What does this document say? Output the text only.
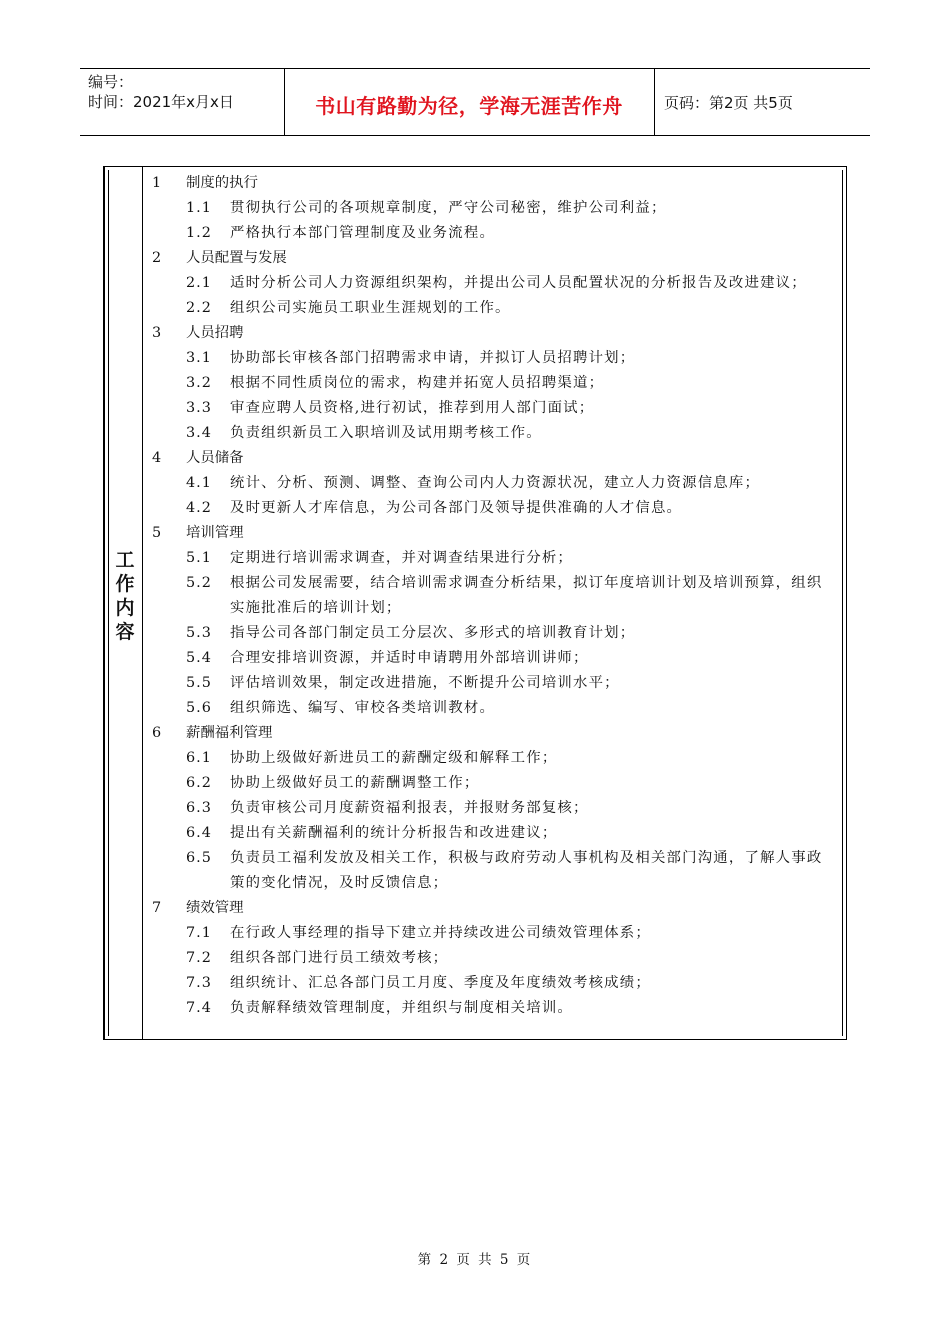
编号：
时间：2021年x月x日	书山有路勤为径，学海无涯苦作舟	页码：第2页 共5页
工
作
内
容
1 制度的执行
1.1	贯彻执行公司的各项规章制度，严守公司秘密，维护公司利益；
1.2	严格执行本部门管理制度及业务流程。
2 人员配置与发展
2.1	适时分析公司人力资源组织架构，并提出公司人员配置状况的分析报告及改进建议；
2.2	组织公司实施员工职业生涯规划的工作。
3 人员招聘
3.1	协助部长审核各部门招聘需求申请，并拟订人员招聘计划；
3.2	根据不同性质岗位的需求，构建并拓宽人员招聘渠道；
3.3	审查应聘人员资格,进行初试，推荐到用人部门面试；
3.4	负责组织新员工入职培训及试用期考核工作。
4 人员储备
4.1	统计、分析、预测、调整、查询公司内人力资源状况，建立人力资源信息库；
4.2	及时更新人才库信息，为公司各部门及领导提供准确的人才信息。
5 培训管理
5.1	定期进行培训需求调查，并对调查结果进行分析；
5.2	根据公司发展需要，结合培训需求调查分析结果，拟订年度培训计划及培训预算，组织实施批准后的培训计划；
5.3	指导公司各部门制定员工分层次、多形式的培训教育计划；
5.4	合理安排培训资源，并适时申请聘用外部培训讲师；
5.5	评估培训效果，制定改进措施，不断提升公司培训水平；
5.6	组织筛选、编写、审校各类培训教材。
6 薪酬福利管理
6.1	协助上级做好新进员工的薪酬定级和解释工作；
6.2	协助上级做好员工的薪酬调整工作；
6.3	负责审核公司月度薪资福利报表，并报财务部复核；
6.4	提出有关薪酬福利的统计分析报告和改进建议；
6.5	负责员工福利发放及相关工作，积极与政府劳动人事机构及相关部门沟通，了解人事政策的变化情况，及时反馈信息；
7 绩效管理
7.1	在行政人事经理的指导下建立并持续改进公司绩效管理体系；
7.2	组织各部门进行员工绩效考核；
7.3	组织统计、汇总各部门员工月度、季度及年度绩效考核成绩；
7.4	负责解释绩效管理制度，并组织与制度相关培训。
第 2 页 共 5 页
